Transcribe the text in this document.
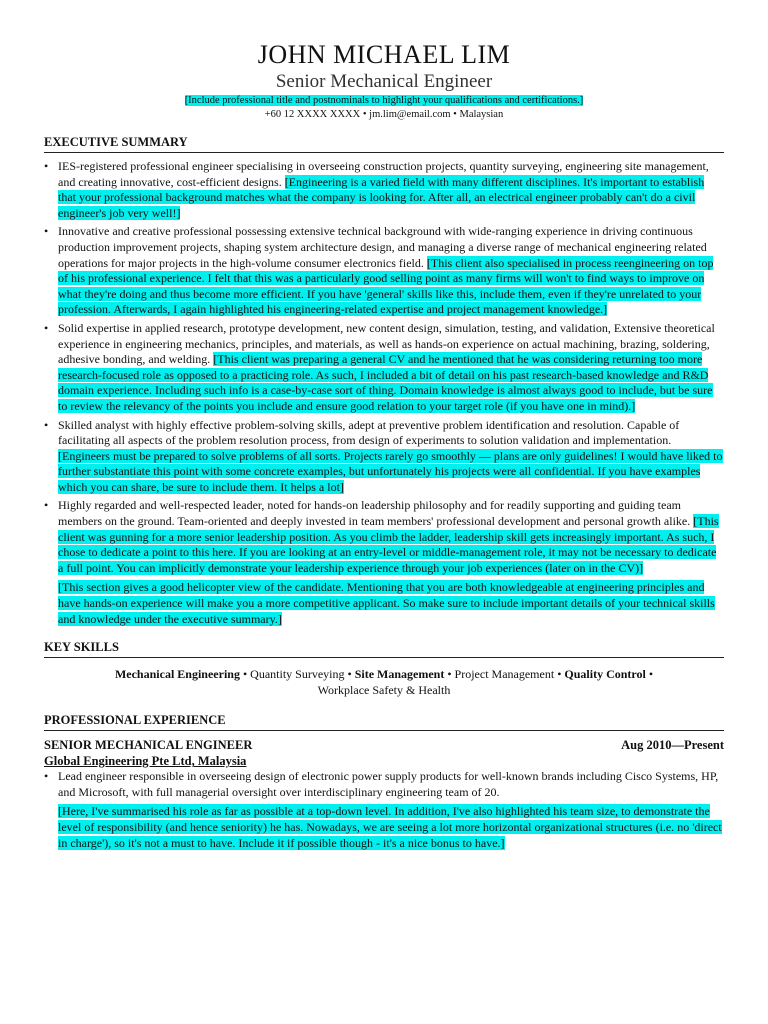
JOHN MICHAEL LIM
Senior Mechanical Engineer
[Include professional title and postnominals to highlight your qualifications and certifications.]
+60 12 XXXX XXXX • jm.lim@email.com • Malaysian
EXECUTIVE SUMMARY
• IES-registered professional engineer specialising in overseeing construction projects, quantity surveying, engineering site management, and creating innovative, cost-efficient designs. [Engineering is a varied field with many different disciplines. It's important to establish that your professional background matches what the company is looking for. After all, an electrical engineer probably can't do a civil engineer's job very well!]
• Innovative and creative professional possessing extensive technical background with wide-ranging experience in driving continuous production improvement projects, shaping system architecture design, and managing a diverse range of mechanical engineering related operations for major projects in the high-volume consumer electronics field. [This client also specialised in process reengineering on top of his professional experience. I felt that this was a particularly good selling point as many firms will won't to find ways to improve on what they're doing and thus become more efficient. If you have 'general' skills like this, include them, even if they're unrelated to your profession. Afterwards, I again highlighted his engineering-related expertise and project management knowledge.]
• Solid expertise in applied research, prototype development, new content design, simulation, testing, and validation, Extensive theoretical experience in engineering mechanics, principles, and materials, as well as hands-on experience on actual machining, brazing, soldering, adhesive bonding, and welding. [This client was preparing a general CV and he mentioned that he was considering returning too more research-focused role as opposed to a practicing role. As such, I included a bit of detail on his past research-based knowledge and R&D domain experience. Including such info is a case-by-case sort of thing. Domain knowledge is almost always good to include, but be sure to review the relevancy of the points you include and ensure good relation to your target role (if you have one in mind).]
• Skilled analyst with highly effective problem-solving skills, adept at preventive problem identification and resolution. Capable of facilitating all aspects of the problem resolution process, from design of experiments to solution validation and implementation. [Engineers must be prepared to solve problems of all sorts. Projects rarely go smoothly — plans are only guidelines! I would have liked to further substantiate this point with some concrete examples, but unfortunately his projects were all confidential. If you have examples which you can share, be sure to include them. It helps a lot]
• Highly regarded and well-respected leader, noted for hands-on leadership philosophy and for readily supporting and guiding team members on the ground. Team-oriented and deeply invested in team members' professional development and personal growth alike. [This client was gunning for a more senior leadership position. As you climb the ladder, leadership skill gets increasingly important. As such, I chose to dedicate a point to this here. If you are looking at an entry-level or middle-management role, it may not be necessary to dedicate a full point. You can implicitly demonstrate your leadership experience through your job experiences (later on in the CV)]
[This section gives a good helicopter view of the candidate. Mentioning that you are both knowledgeable at engineering principles and have hands-on experience will make you a more competitive applicant. So make sure to include important details of your technical skills and knowledge under the executive summary.]
KEY SKILLS
Mechanical Engineering • Quantity Surveying • Site Management • Project Management • Quality Control • Workplace Safety & Health
PROFESSIONAL EXPERIENCE
SENIOR MECHANICAL ENGINEER	Aug 2010—Present
Global Engineering Pte Ltd, Malaysia
• Lead engineer responsible in overseeing design of electronic power supply products for well-known brands including Cisco Systems, HP, and Microsoft, with full managerial oversight over interdisciplinary engineering team of 20.
[Here, I've summarised his role as far as possible at a top-down level. In addition, I've also highlighted his team size, to demonstrate the level of responsibility (and hence seniority) he has. Nowadays, we are seeing a lot more horizontal organizational structures (i.e. no 'direct in charge'), so it's not a must to have. Include it if possible though - it's a nice bonus to have.]
